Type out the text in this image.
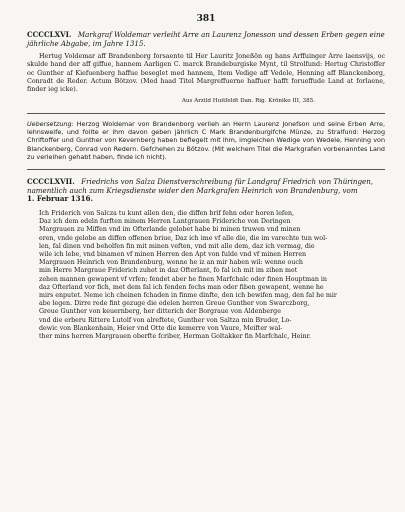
381

CCCCLXVI. Markgraf Woldemar verleiht Arre an Laurenz Jonesson und dessen Erben gegen eine jährliche Abgabe, im Jahre 1315.

Hertug Voldemar aff Brandenborg forsaente til Her Lauritz Joneßön og hans Arffuinger Arre laensvijs, oc skulde hand der aff giffue, hannem Aarligen C. marck Brandeburgiske Mynt, til Strolfund: Hertug Christoffer oc Gunther af Kiefuenberg haffue beseglet med hannem, Item Vedige aff Vedele, Henning aff Blanckenborg, Conradt de Reder. Actum Bötzov. (Med haad Titel Margreffuerne haffuer hafft forueffude Land at forlaene, finder ieg icke).

Aus Arzild Huitfeldt Dan. Rig. Kröniko III, 385.

Uebersetzung: Herzog Woldemar von Brandenborg verlieh an Herrn Laurenz Jonefson und seine Erben Arre, lehnsweife, und follte er ihm davon geben jährlich C Mark Brandenburgifche Münze, zu Stralfund: Herzog Chriftoffer und Gunther von Kevernberg haben befiegelt mit ihm, imgleichen Wedige von Wedele, Henning von Blanckenberg, Conrad von Redern. Gefchehen zu Bötzov. (Mit welchem Titel die Markgrafen vorbenanntes Land zu verleihen gehabt haben, finde ich nicht).

CCCCLXVII. Friedrichs von Salza Dienstverschreibung für Landgraf Friedrich von Thüringen, namentlich auch zum Kriegsdienste wider den Markgrafen Heinrich von Brandenburg, vom

1. Februar 1316.

Ich Friderich von Salcza tu kunt allen den, die diffen brif fehn oder horen lefen,
Daz ich dem edeln furften minem Herren Lantgrauen Frideriche von Doringen
Margrauen zu Miffen vnd im Ofterlande gelobet habe bi minen truwen vnd minen
eren, vnde gelobe an diffen offenen briue, Daz ich ime vf alle die, die im varechte tun wol-
len, fal dinen vnd beholfen fin mit minen veften, vnd mit alle dem, daz ich vermag, die
wile ich lebe, vnd binamen vf minen Herren den Apt von fulde vnd vf minen Herren
Margrauen Heinrich von Brandenburg, wenne he iz an mir haben wil: wenne ouch
min Herre Margraue Friderich zuhet in daz Ofterlant, fo fal ich mit im zihen met
zehen mannen gewapent vf vrfen; fendet aber he finen Marfchalc oder finen Houptman in
daz Ofterland vor fich, met dem fal ich fenden fechs man oder fiben gewapent, wenne he
mirs enputet. Neme ich cheinen fchaden in finme dinfte, den ich bewifen mag, den fal he mir
abe legen. Dirre rede fint gezuge die edelen herren Greue Gunther von Swarczborg,
Greue Gunther von keuernberg, her ditterich der Borgraue von Aldenberge
vnd die erberu Rittere Lutolf von alreftete, Gunther von Saltza min Bruder, Lo-
dewic von Blankenhain, Heier vnd Otte die kemerre von Vaure, Meifter wal-
ther mins herren Margrauen oberfte fcriber, Herman Goltakker fin Marfchalc, Heinr.
